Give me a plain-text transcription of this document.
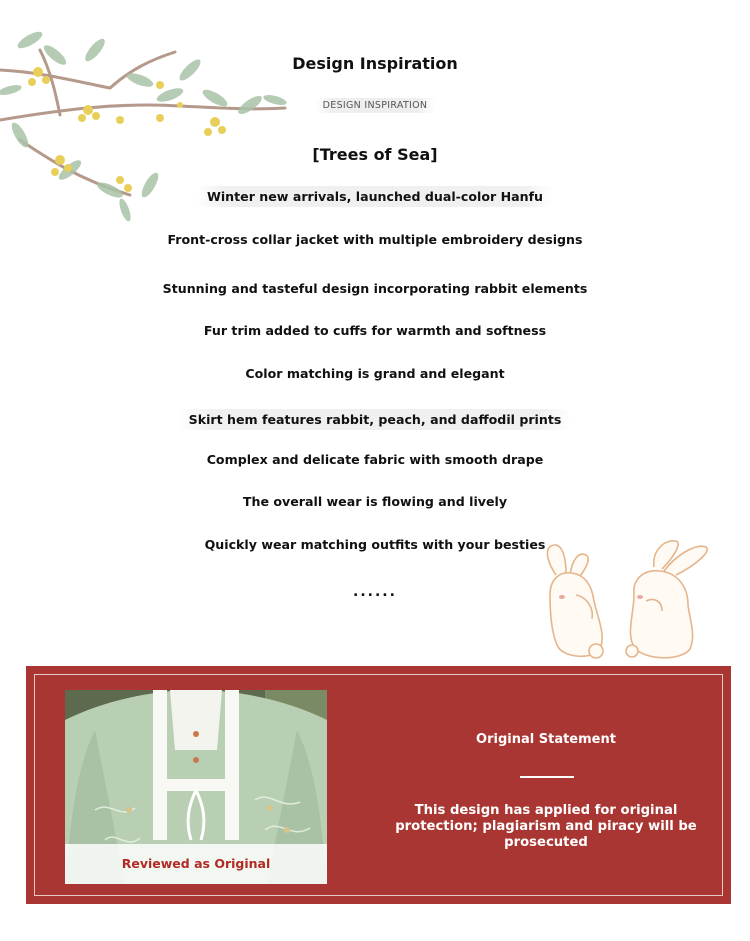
Design Inspiration
DESIGN INSPIRATION
[Trees of Sea]
Winter new arrivals, launched dual-color Hanfu
Front-cross collar jacket with multiple embroidery designs
Stunning and tasteful design incorporating rabbit elements
Fur trim added to cuffs for warmth and softness
Color matching is grand and elegant
Skirt hem features rabbit, peach, and daffodil prints
Complex and delicate fabric with smooth drape
The overall wear is flowing and lively
Quickly wear matching outfits with your besties
......
Reviewed as Original
Original Statement
This design has applied for original protection; plagiarism and piracy will be prosecuted
